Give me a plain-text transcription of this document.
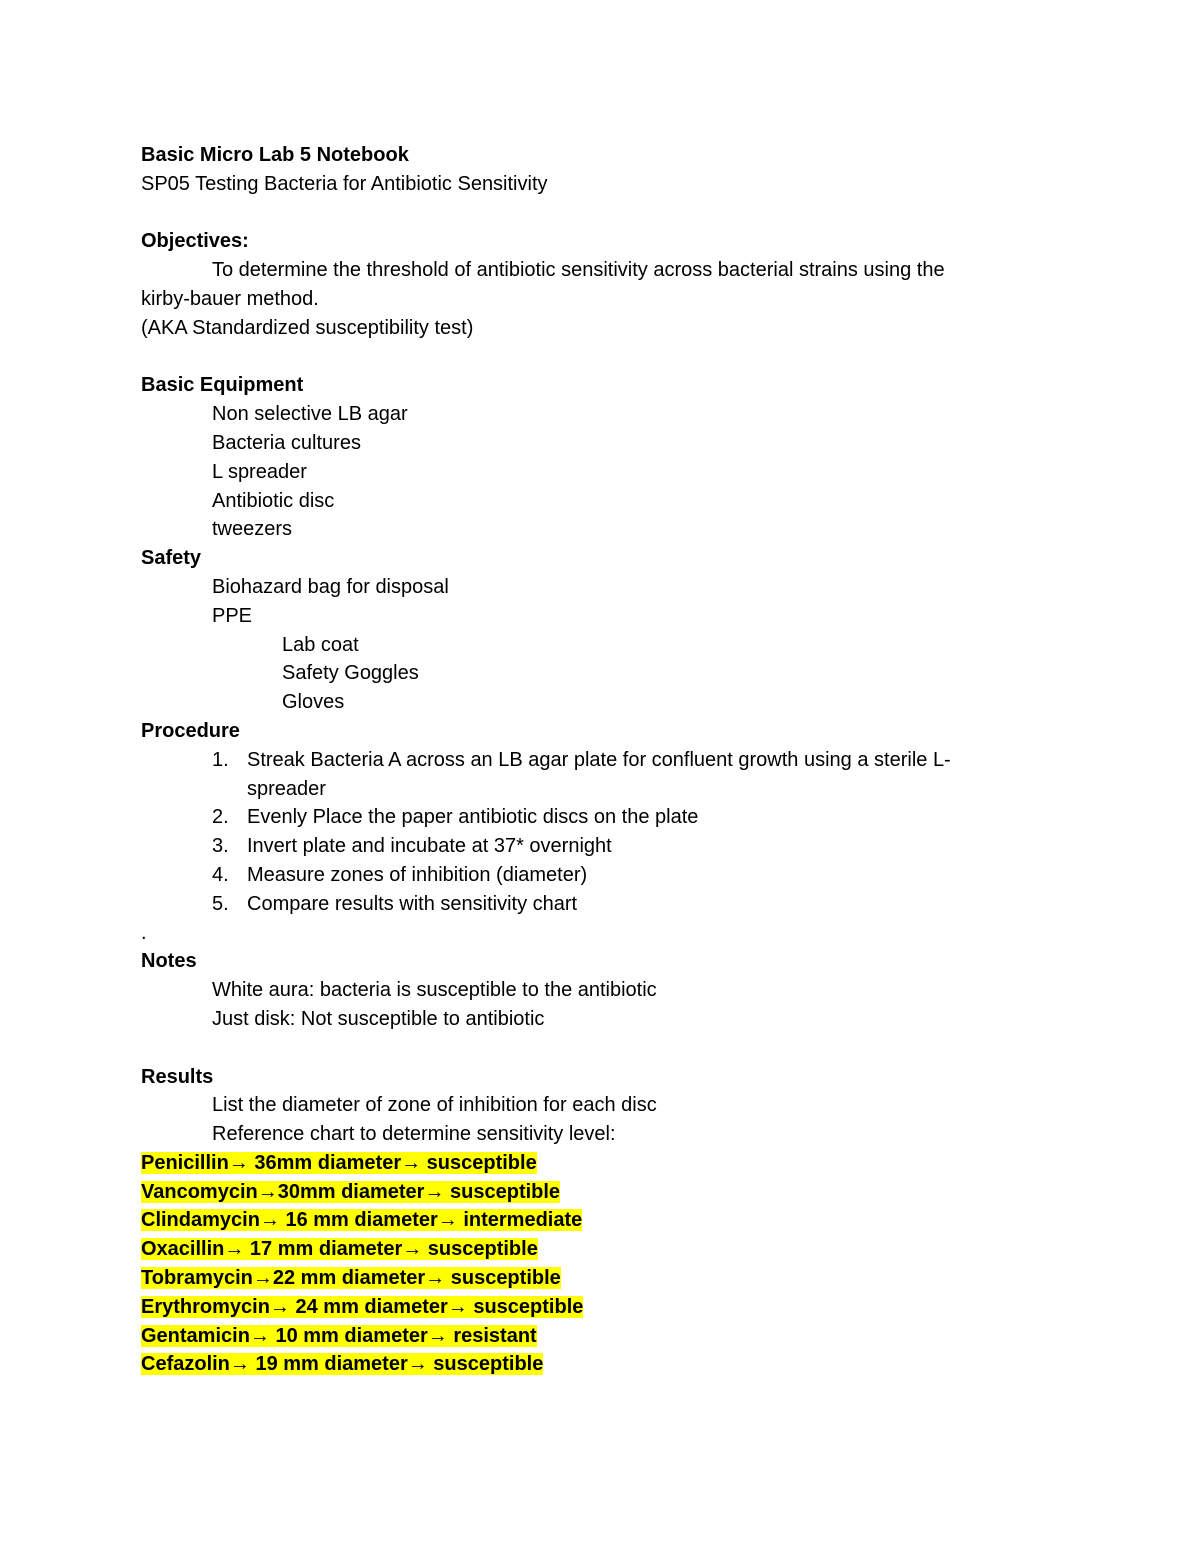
Basic Micro Lab 5 Notebook
SP05 Testing Bacteria for Antibiotic Sensitivity
Objectives:
To determine the threshold of antibiotic sensitivity across bacterial strains using the
kirby-bauer method.
(AKA Standardized susceptibility test)
Basic Equipment
Non selective LB agar
Bacteria cultures
L spreader
Antibiotic disc
tweezers
Safety
Biohazard bag for disposal
PPE
Lab coat
Safety Goggles
Gloves
Procedure
1. Streak Bacteria A across an LB agar plate for confluent growth using a sterile L-
spreader
2. Evenly Place the paper antibiotic discs on the plate
3. Invert plate and incubate at 37* overnight
4. Measure zones of inhibition (diameter)
5. Compare results with sensitivity chart
.
Notes
White aura: bacteria is susceptible to the antibiotic
Just disk: Not susceptible to antibiotic
Results
List the diameter of zone of inhibition for each disc
Reference chart to determine sensitivity level:
Penicillin→ 36mm diameter→ susceptible
Vancomycin→30mm diameter→ susceptible
Clindamycin→ 16 mm diameter→ intermediate
Oxacillin→ 17 mm diameter→ susceptible
Tobramycin→22 mm diameter→ susceptible
Erythromycin→ 24 mm diameter→ susceptible
Gentamicin→ 10 mm diameter→ resistant
Cefazolin→ 19 mm diameter→ susceptible
